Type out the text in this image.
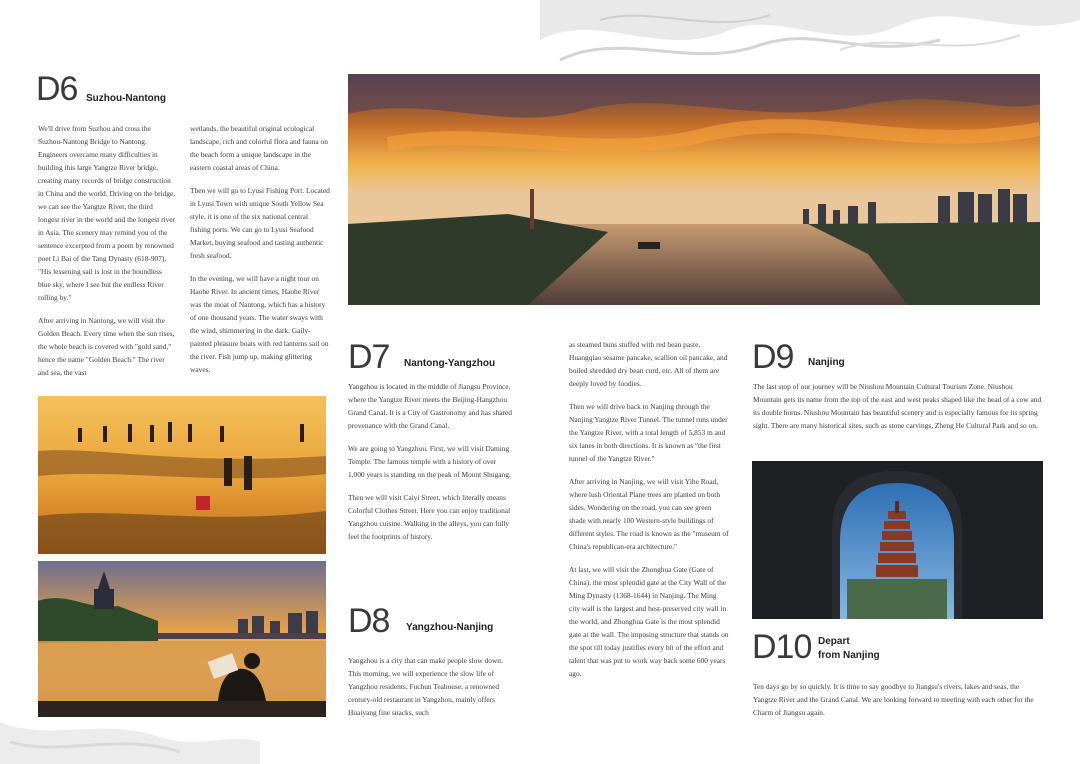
D6 Suzhou-Nantong

We'll drive from Suzhou and cross the Suzhou-Nantong Bridge to Nantong. Engineers overcame many difficulties in building this large Yangtze River bridge, creating many records of bridge construction in China and the world. Driving on the bridge, we can see the Yangtze River, the third longest river in the world and the longest river in Asia. The scenery may remind you of the sentence excerpted from a poem by renowned poet Li Bai of the Tang Dynasty (618-907), "His lessening sail is lost in the boundless blue sky, where I see but the endless River rolling by."

After arriving in Nantong, we will visit the Golden Beach. Every time when the sun rises, the whole beach is covered with "gold sand," hence the name "Golden Beach." The river and sea, the vast

wetlands, the beautiful original ecological landscape, rich and colorful flora and fauna on the beach form a unique landscape in the eastern coastal areas of China.

Then we will go to Lyusi Fishing Port. Located in Lyusi Town with unique South Yellow Sea style, it is one of the six national central fishing ports. We can go to Lyusi Seafood Market, buying seafood and tasting authentic fresh seafood.

In the evening, we will have a night tour on Haohe River. In ancient times, Haohe River was the moat of Nantong, which has a history of one thousand years. The water sways with the wind, shimmering in the dark. Gaily-painted pleasure boats with red lanterns sail on the river. Fish jump up, making glittering waves.	D7 Nantong-Yangzhou

Yangzhou is located in the middle of Jiangsu Province, where the Yangtze River meets the Beijing-Hangzhou Grand Canal. It is a City of Gastronomy and has shared provenance with the Grand Canal.

We are going to Yangzhou. First, we will visit Daming Temple. The famous temple with a history of over 1,000 years is standing on the peak of Mount Shugang.

Then we will visit Caiyi Street, which literally means Colorful Clothes Street. Here you can enjoy traditional Yangzhou cuisine. Walking in the alleys, you can fully feel the footprints of history.

D8 Yangzhou-Nanjing

Yangzhou is a city that can make people slow down. This morning, we will experience the slow life of Yangzhou residents. Fuchun Teahouse, a renowned century-old restaurant in Yangzhou, mainly offers Huaiyang fine snacks, such

as steamed buns stuffed with red bean paste, Huangqiao sesame pancake, scallion oil pancake, and boiled shredded dry bean curd, etc. All of them are deeply loved by foodies.

Then we will drive back to Nanjing through the Nanjing Yangtze River Tunnel. The tunnel runs under the Yangtze River, with a total length of 5,853 m and six lanes in both directions. It is known as "the first tunnel of the Yangtze River."

After arriving in Nanjing, we will visit Yihe Road, where lush Oriental Plane trees are planted on both sides. Wondering on the road, you can see green shade with nearly 100 Western-style buildings of different styles. The road is known as the "museum of China's republican-era architecture."

At last, we will visit the Zhonghua Gate (Gate of China), the most splendid gate at the City Wall of the Ming Dynasty (1368-1644) in Nanjing. The Ming city wall is the largest and best-preserved city wall in the world, and Zhonghua Gate is the most splendid gate at the wall. The imposing structure that stands on the spot till today justifies every bit of the effort and talent that was put to work way back some 600 years ago.

D9 Nanjing
The last stop of our journey will be Niushou Mountain Cultural Tourism Zone. Niushou Mountain gets its name from the top of the east and west peaks shaped like the head of a cow and its double horns. Niushou Mountain has beautiful scenery and is especially famous for its spring sight. There are many historical sites, such as stone carvings, Zheng He Cultural Park and so on.
D10 Depart
from Nanjing
Ten days go by so quickly. It is time to say goodbye to Jiangsu's rivers, lakes and seas, the Yangtze River and the Grand Canal. We are looking forward to meeting with each other for the Charm of Jiangsu again.
